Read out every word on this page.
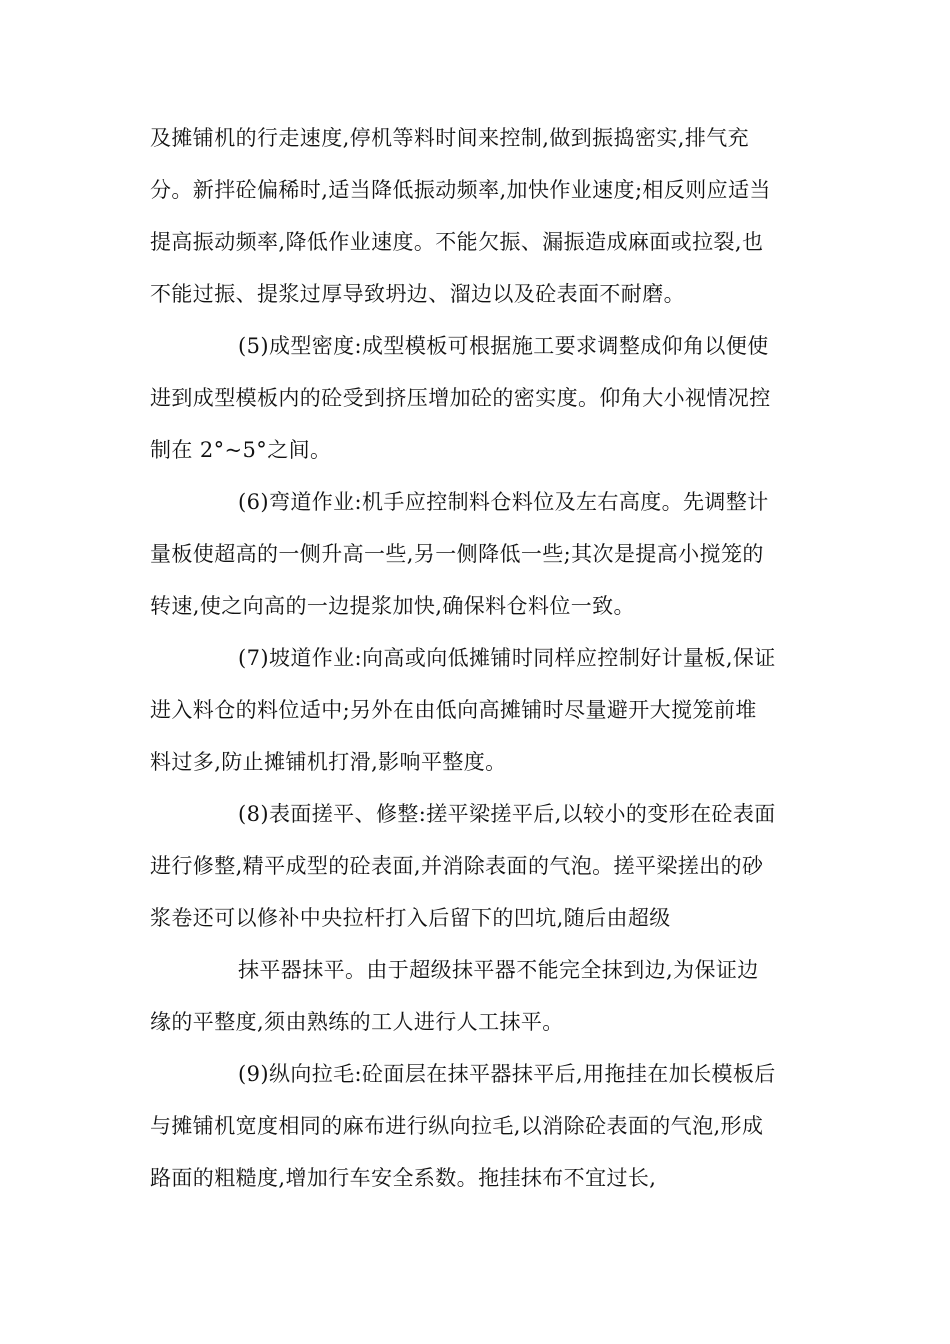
及摊铺机的行走速度,停机等料时间来控制,做到振捣密实,排气充
分。新拌砼偏稀时,适当降低振动频率,加快作业速度;相反则应适当
提高振动频率,降低作业速度。不能欠振、漏振造成麻面或拉裂,也
不能过振、提浆过厚导致坍边、溜边以及砼表面不耐磨。
(5)成型密度:成型模板可根据施工要求调整成仰角以便使
进到成型模板内的砼受到挤压增加砼的密实度。仰角大小视情况控
制在 2°~5°之间。
(6)弯道作业:机手应控制料仓料位及左右高度。先调整计
量板使超高的一侧升高一些,另一侧降低一些;其次是提高小搅笼的
转速,使之向高的一边提浆加快,确保料仓料位一致。
(7)坡道作业:向高或向低摊铺时同样应控制好计量板,保证
进入料仓的料位适中;另外在由低向高摊铺时尽量避开大搅笼前堆
料过多,防止摊铺机打滑,影响平整度。
(8)表面搓平、修整:搓平梁搓平后,以较小的变形在砼表面
进行修整,精平成型的砼表面,并消除表面的气泡。搓平梁搓出的砂
浆卷还可以修补中央拉杆打入后留下的凹坑,随后由超级
抹平器抹平。由于超级抹平器不能完全抹到边,为保证边
缘的平整度,须由熟练的工人进行人工抹平。
(9)纵向拉毛:砼面层在抹平器抹平后,用拖挂在加长模板后
与摊铺机宽度相同的麻布进行纵向拉毛,以消除砼表面的气泡,形成
路面的粗糙度,增加行车安全系数。拖挂抹布不宜过长,
